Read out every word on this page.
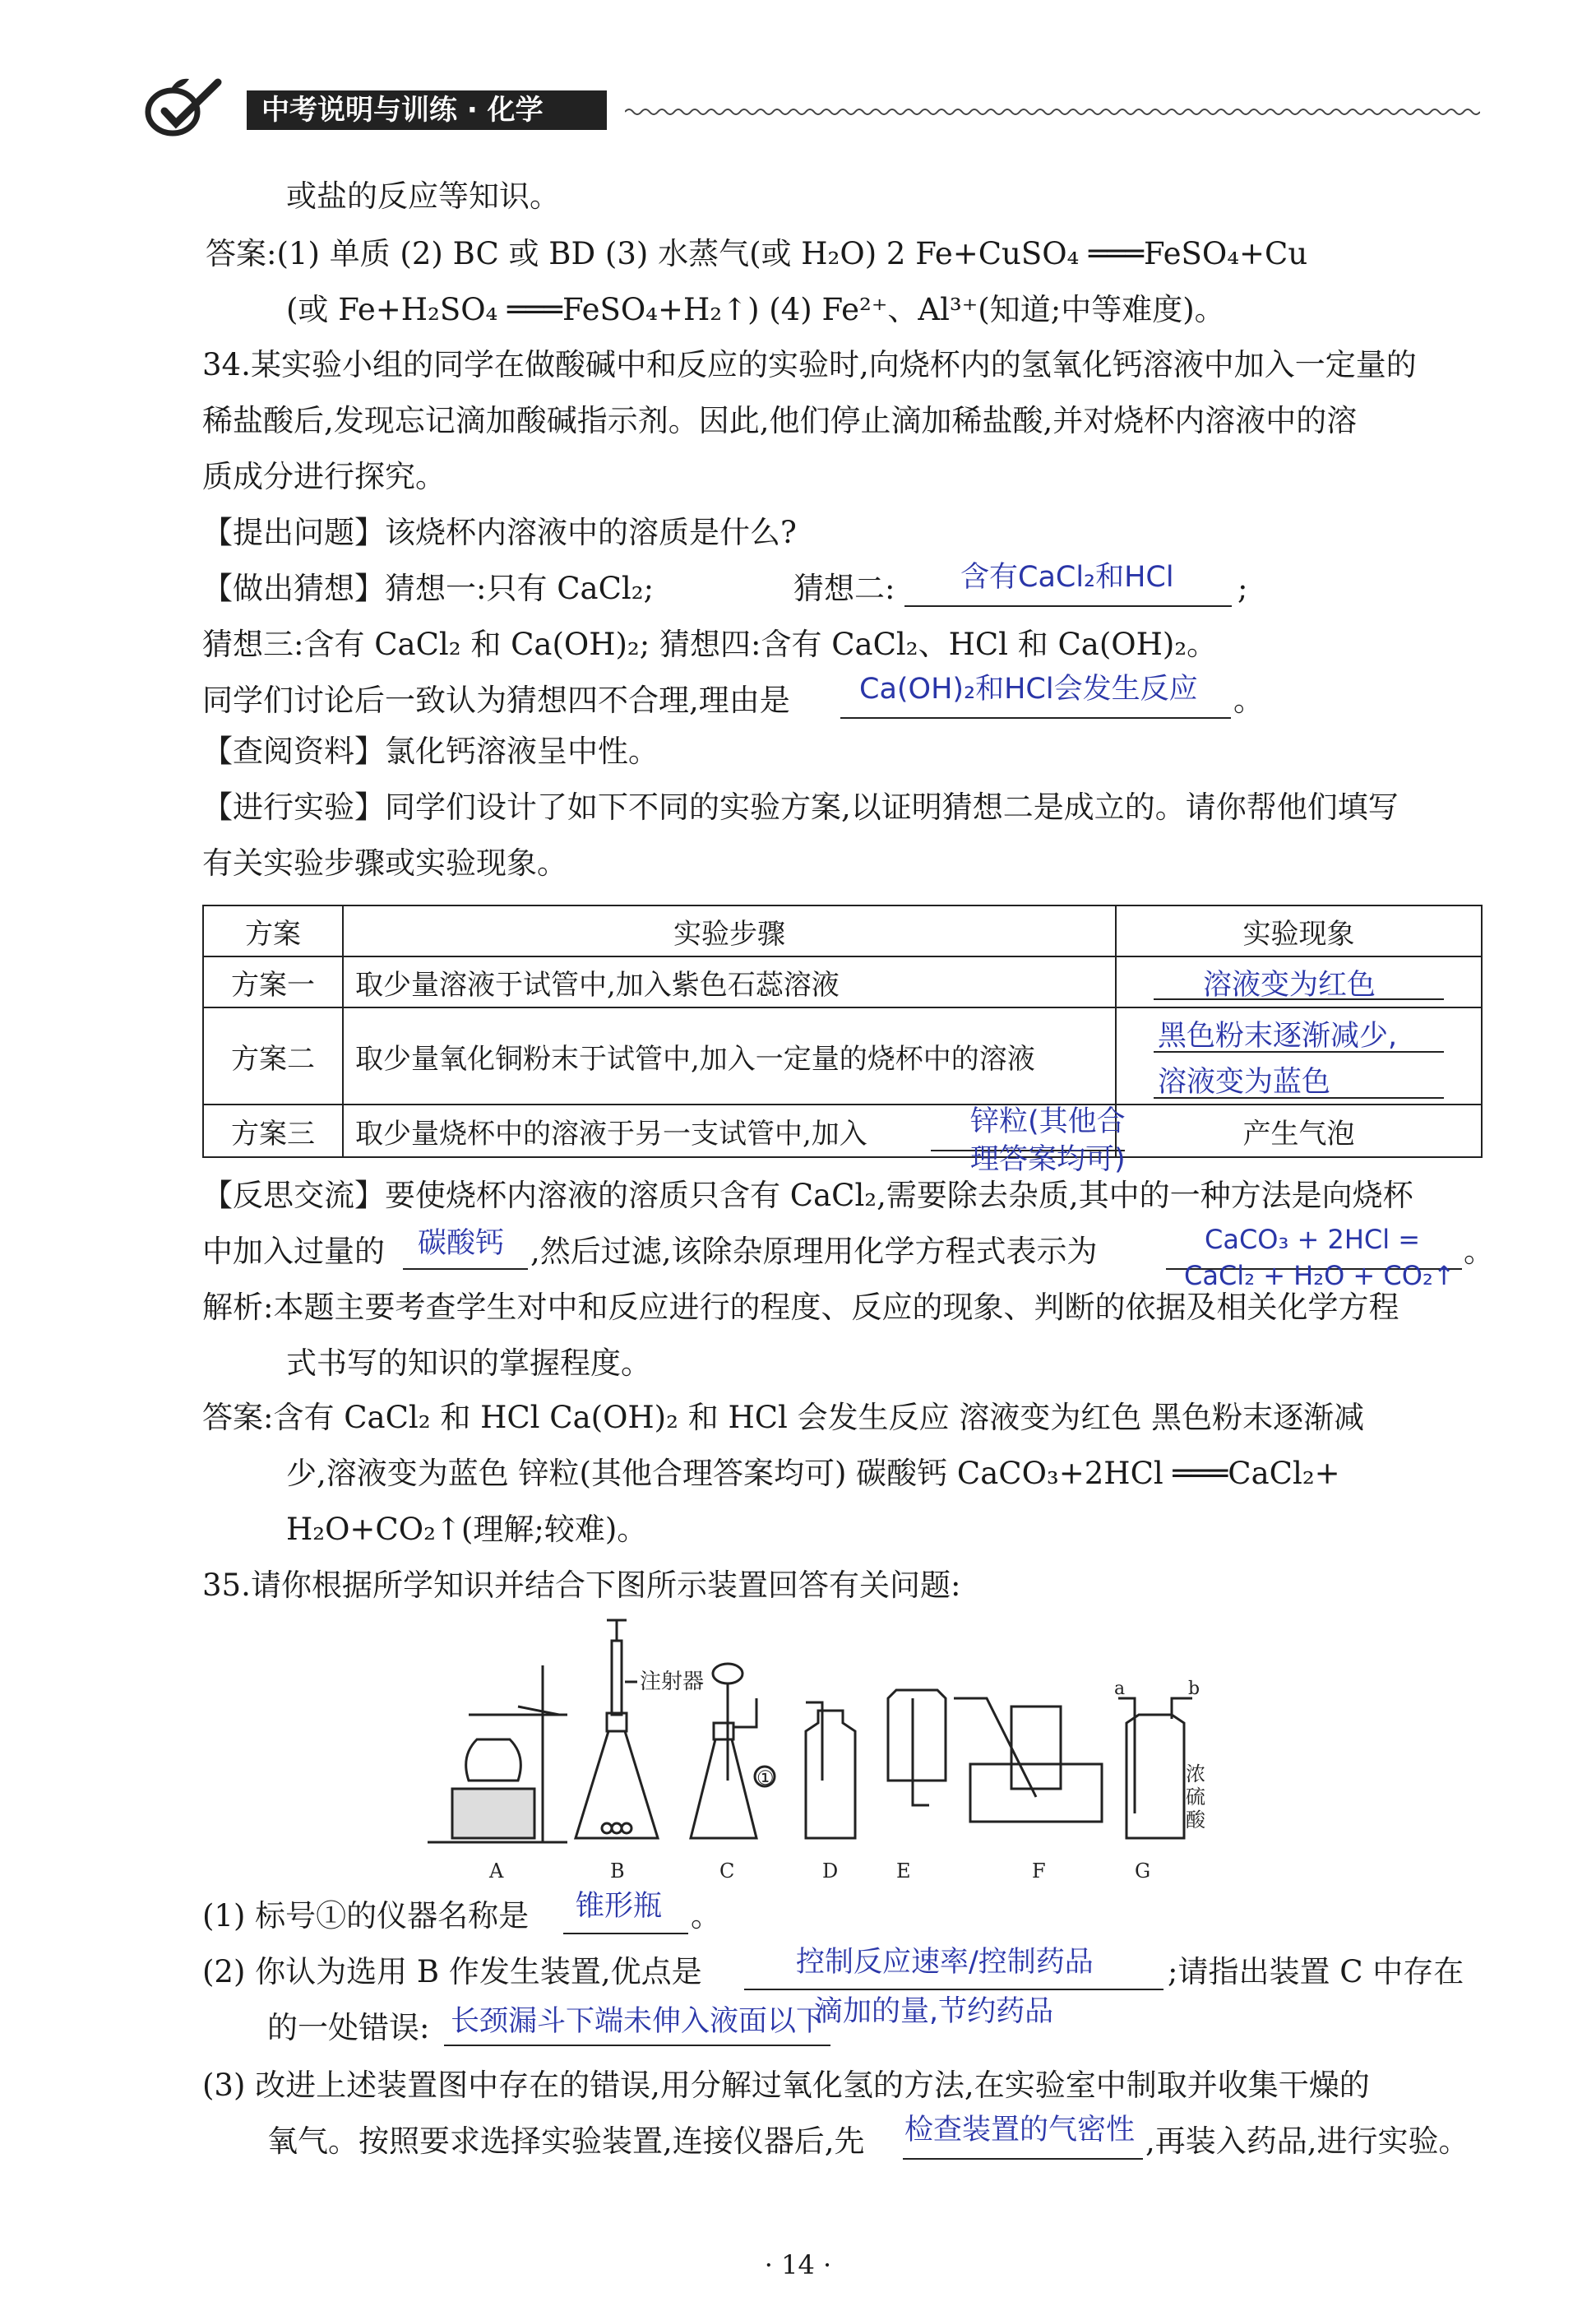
中考说明与训练 · 化学
或盐的反应等知识。
答案:(1) 单质 (2) BC 或 BD (3) 水蒸气(或 H₂O) 2 Fe+CuSO₄ ═══FeSO₄+Cu
(或 Fe+H₂SO₄ ═══FeSO₄+H₂↑) (4) Fe²⁺、Al³⁺(知道;中等难度)。
34. 某实验小组的同学在做酸碱中和反应的实验时,向烧杯内的氢氧化钙溶液中加入一定量的
稀盐酸后,发现忘记滴加酸碱指示剂。因此,他们停止滴加稀盐酸,并对烧杯内溶液中的溶
质成分进行探究。
【提出问题】该烧杯内溶液中的溶质是什么?
【做出猜想】猜想一:只有 CaCl₂;	猜想二:	;
含有CaCl₂和HCl
猜想三:含有 CaCl₂ 和 Ca(OH)₂; 猜想四:含有 CaCl₂、HCl 和 Ca(OH)₂。
同学们讨论后一致认为猜想四不合理,理由是	。
Ca(OH)₂和HCl会发生反应
【查阅资料】氯化钙溶液呈中性。
【进行实验】同学们设计了如下不同的实验方案,以证明猜想二是成立的。请你帮他们填写
有关实验步骤或实验现象。
方案	实验步骤	实验现象
方案一	取少量溶液于试管中,加入紫色石蕊溶液	溶液变为红色

方案二	取少量氧化铜粉末于试管中,加入一定量的烧杯中的溶液	黑色粉末逐渐减少,
溶液变为蓝色

方案三	取少量烧杯中的溶液于另一支试管中,加入 锌粒(其他合
理答案均可)	产生气泡
【反思交流】要使烧杯内溶液的溶质只含有 CaCl₂,需要除去杂质,其中的一种方法是向烧杯
中加入过量的 碳酸钙 ,然后过滤,该除杂原理用化学方程式表示为	。
CaCO₃ + 2HCl =
CaCl₂ + H₂O + CO₂↑
解析:本题主要考查学生对中和反应进行的程度、反应的现象、判断的依据及相关化学方程
式书写的知识的掌握程度。
答案:含有 CaCl₂ 和 HCl Ca(OH)₂ 和 HCl 会发生反应 溶液变为红色 黑色粉末逐渐减
少,溶液变为蓝色 锌粒(其他合理答案均可) 碳酸钙 CaCO₃+2HCl ═══CaCl₂+
H₂O+CO₂↑(理解;较难)。
35. 请你根据所学知识并结合下图所示装置回答有关问题:
注射器
①
A	B	C	D	E	F	G
a	b
浓
硫
酸
(1) 标号①的仪器名称是 锥形瓶 。
(2) 你认为选用 B 作发生装置,优点是	控制反应速率/控制药品 ;请指出装置 C 中存在
的一处错误:	滴加的量,节约药品
长颈漏斗下端未伸入液面以下
(3) 改进上述装置图中存在的错误,用分解过氧化氢的方法,在实验室中制取并收集干燥的
氧气。按照要求选择实验装置,连接仪器后,先 检查装置的气密性 ,再装入药品,进行实验。
· 14 ·
